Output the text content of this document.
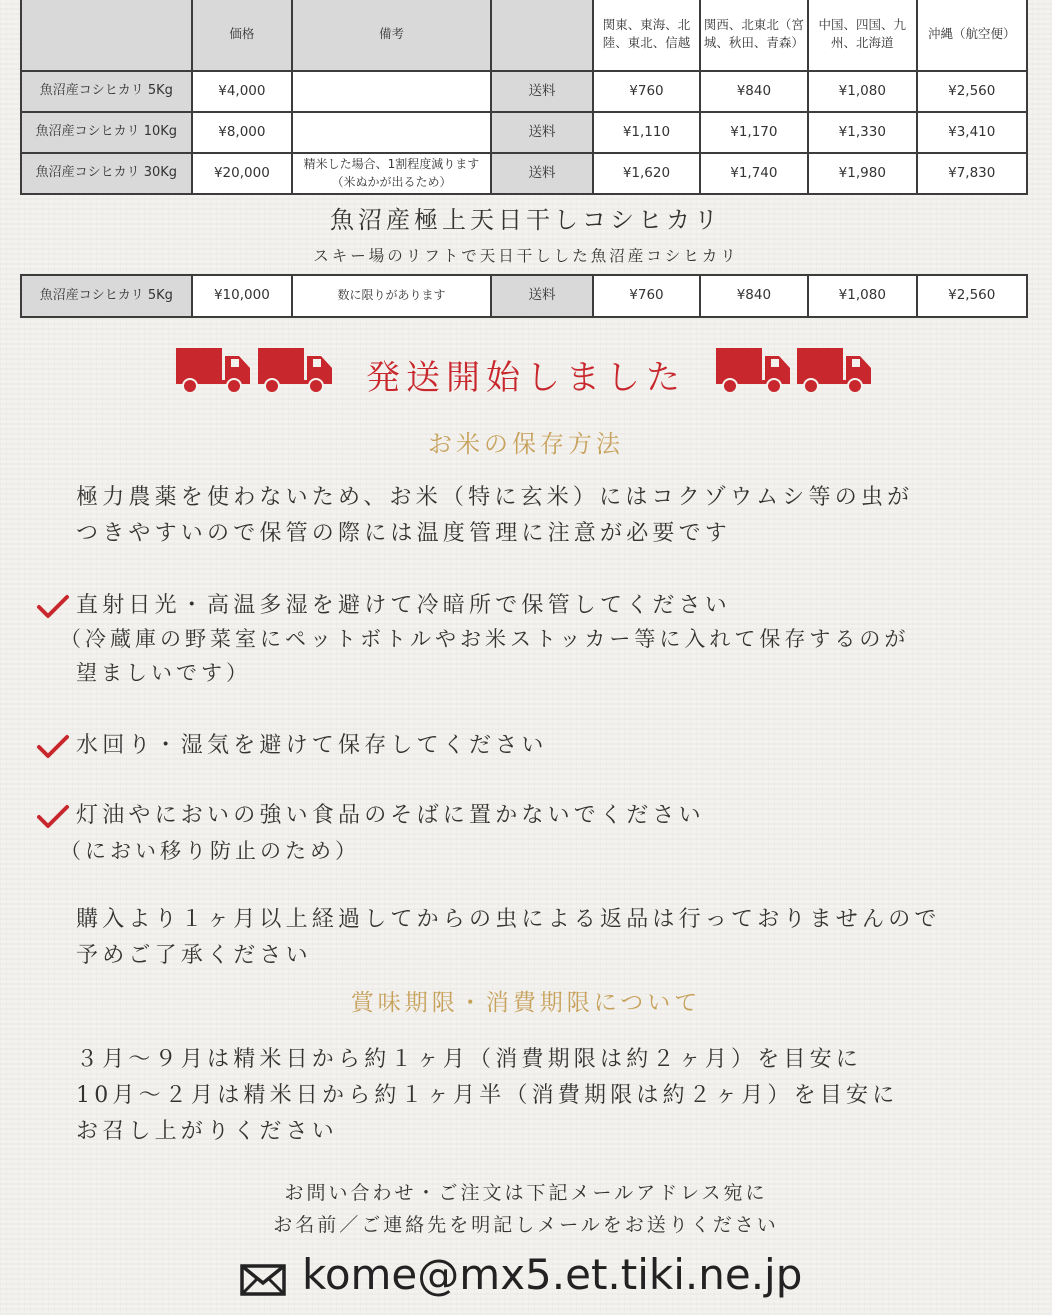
	価格	備考		関東、東海、北陸、東北、信越	関西、北東北（宮城、秋田、青森）	中国、四国、九州、北海道	沖縄（航空便）
魚沼産コシヒカリ 5Kg	¥4,000		送料	¥760	¥840	¥1,080	¥2,560
魚沼産コシヒカリ 10Kg	¥8,000		送料	¥1,110	¥1,170	¥1,330	¥3,410
魚沼産コシヒカリ 30Kg	¥20,000	精米した場合、1割程度減ります（米ぬかが出るため）	送料	¥1,620	¥1,740	¥1,980	¥7,830
魚沼産極上天日干しコシヒカリ
スキー場のリフトで天日干しした魚沼産コシヒカリ
魚沼産コシヒカリ 5Kg	¥10,000	数に限りがあります	送料	¥760	¥840	¥1,080	¥2,560
発送開始しました
お米の保存方法

極力農薬を使わないため、お米（特に玄米）にはコクゾウムシ等の虫が
つきやすいので保管の際には温度管理に注意が必要です

直射日光・高温多湿を避けて冷暗所で保管してください
（冷蔵庫の野菜室にペットボトルやお米ストッカー等に入れて保存するのが
望ましいです）
水回り・湿気を避けて保存してください
灯油やにおいの強い食品のそばに置かないでください
（におい移り防止のため）

購入より１ヶ月以上経過してからの虫による返品は行っておりませんので
予めご了承ください

賞味期限・消費期限について

３月〜９月は精米日から約１ヶ月（消費期限は約２ヶ月）を目安に
10月〜２月は精米日から約１ヶ月半（消費期限は約２ヶ月）を目安に
お召し上がりください

お問い合わせ・ご注文は下記メールアドレス宛に
お名前／ご連絡先を明記しメールをお送りください
kome@mx5.et.tiki.ne.jp
